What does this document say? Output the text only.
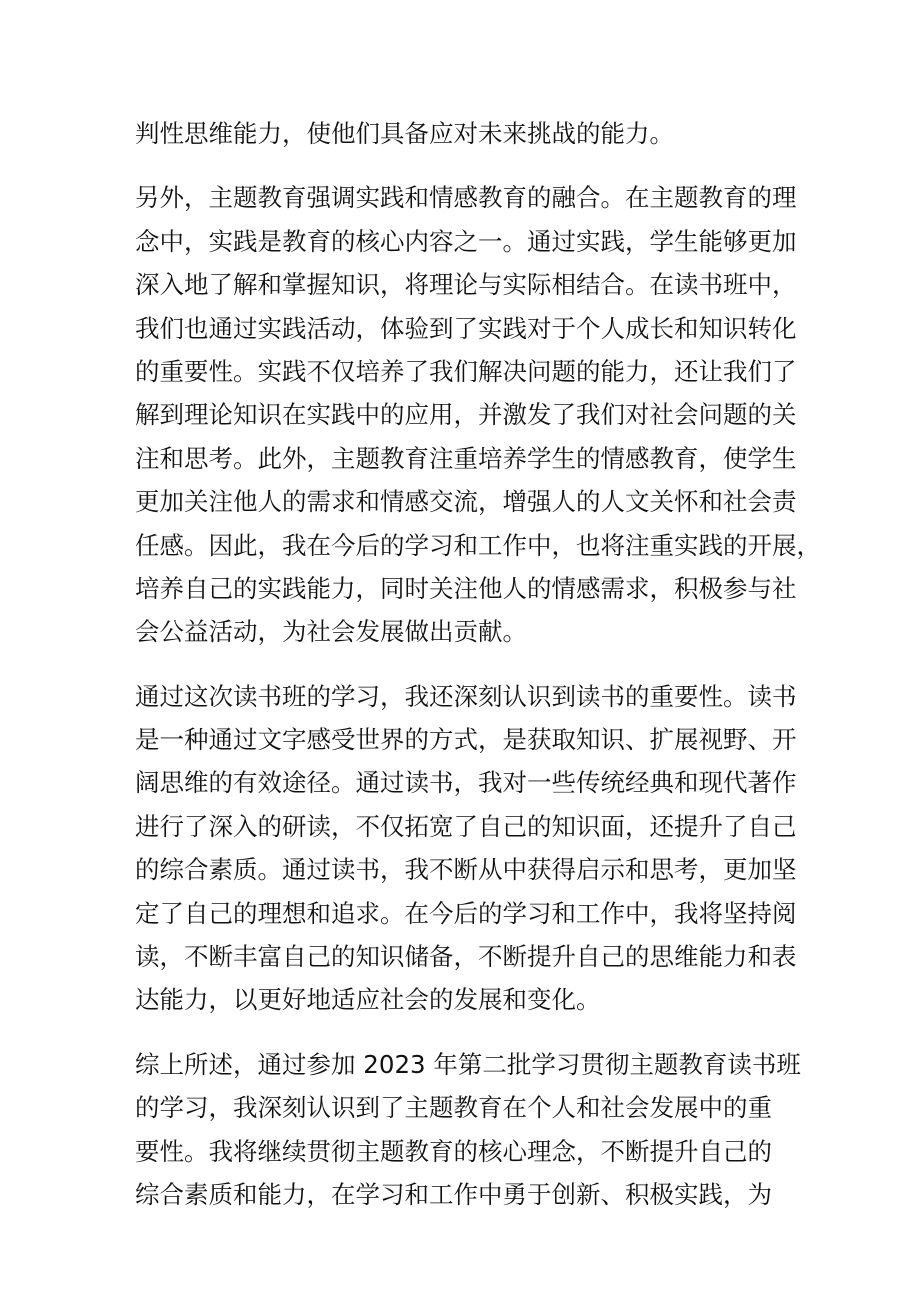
判性思维能力，使他们具备应对未来挑战的能力。

另外，主题教育强调实践和情感教育的融合。在主题教育的理
念中，实践是教育的核心内容之一。通过实践，学生能够更加
深入地了解和掌握知识，将理论与实际相结合。在读书班中，
我们也通过实践活动，体验到了实践对于个人成长和知识转化
的重要性。实践不仅培养了我们解决问题的能力，还让我们了
解到理论知识在实践中的应用，并激发了我们对社会问题的关
注和思考。此外，主题教育注重培养学生的情感教育，使学生
更加关注他人的需求和情感交流，增强人的人文关怀和社会责
任感。因此，我在今后的学习和工作中，也将注重实践的开展，
培养自己的实践能力，同时关注他人的情感需求，积极参与社
会公益活动，为社会发展做出贡献。

通过这次读书班的学习，我还深刻认识到读书的重要性。读书
是一种通过文字感受世界的方式，是获取知识、扩展视野、开
阔思维的有效途径。通过读书，我对一些传统经典和现代著作
进行了深入的研读，不仅拓宽了自己的知识面，还提升了自己
的综合素质。通过读书，我不断从中获得启示和思考，更加坚
定了自己的理想和追求。在今后的学习和工作中，我将坚持阅
读，不断丰富自己的知识储备，不断提升自己的思维能力和表
达能力，以更好地适应社会的发展和变化。

综上所述，通过参加 2023 年第二批学习贯彻主题教育读书班
的学习，我深刻认识到了主题教育在个人和社会发展中的重
要性。我将继续贯彻主题教育的核心理念，不断提升自己的
综合素质和能力，在学习和工作中勇于创新、积极实践，为
